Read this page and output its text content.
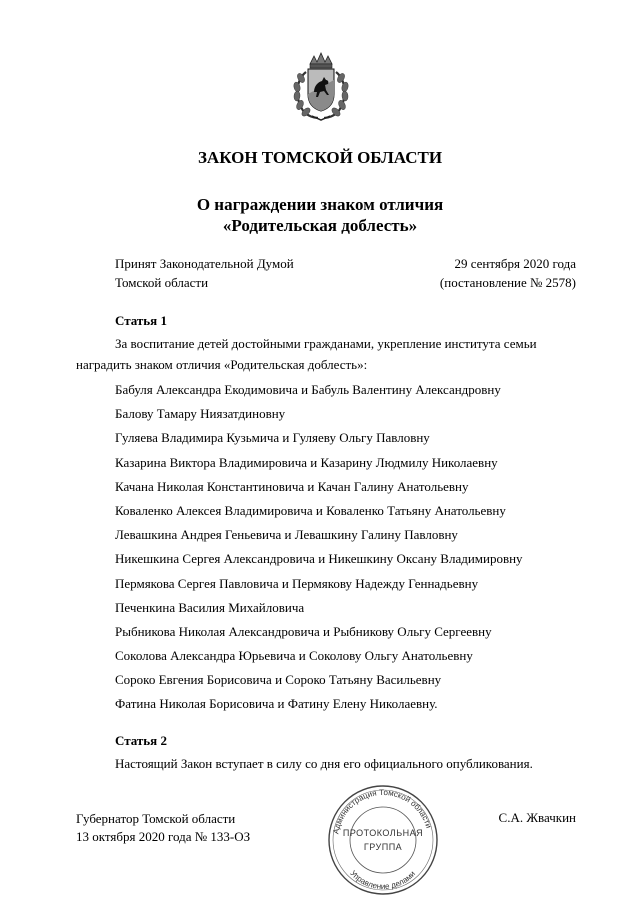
ЗАКОН ТОМСКОЙ ОБЛАСТИ
О награждении знаком отличия
«Родительская доблесть»
Принят Законодательной Думой
Томской области
29 сентября 2020 года
(постановление № 2578)
Статья 1
За воспитание детей достойными гражданами, укрепление института семьи
наградить знаком отличия «Родительская доблесть»:
Бабуля Александра Екодимовича и Бабуль Валентину Александровну
Балову Тамару Ниязатдиновну
Гуляева Владимира Кузьмича и Гуляеву Ольгу Павловну
Казарина Виктора Владимировича и Казарину Людмилу Николаевну
Качана Николая Константиновича и Качан Галину Анатольевну
Коваленко Алексея Владимировича и Коваленко Татьяну Анатольевну
Левашкина Андрея Геньевича и Левашкину Галину Павловну
Никешкина Сергея Александровича и Никешкину Оксану Владимировну
Пермякова Сергея Павловича и Пермякову Надежду Геннадьевну
Печенкина Василия Михайловича
Рыбникова Николая Александровича и Рыбникову Ольгу Сергеевну
Соколова Александра Юрьевича и Соколову Ольгу Анатольевну
Сороко Евгения Борисовича и Сороко Татьяну Васильевну
Фатина Николая Борисовича и Фатину Елену Николаевну.
Статья 2
Настоящий Закон вступает в силу со дня его официального опубликования.
Губернатор Томской области
13 октября 2020 года № 133-ОЗ
С.А. Жвачкин
Администрация Томской области
Управление делами
ПРОТОКОЛЬНАЯ
ГРУППА
